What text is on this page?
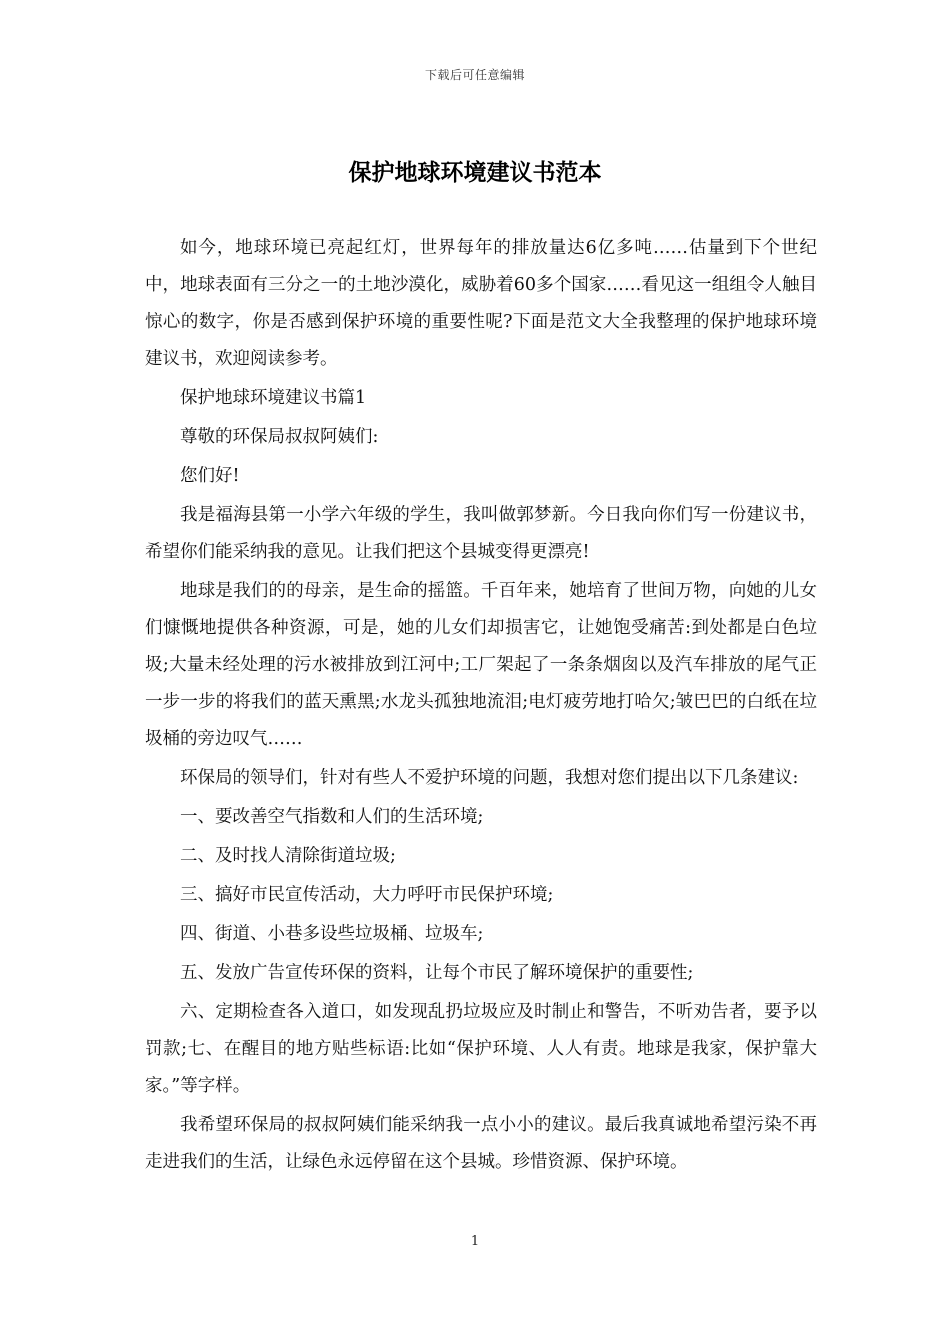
下载后可任意编辑
保护地球环境建议书范本

如今，地球环境已亮起红灯，世界每年的排放量达6亿多吨……估量到下个世纪中，地球表面有三分之一的土地沙漠化，威胁着60多个国家……看见这一组组令人触目惊心的数字，你是否感到保护环境的重要性呢?下面是范文大全我整理的保护地球环境建议书，欢迎阅读参考。

保护地球环境建议书篇1

尊敬的环保局叔叔阿姨们:

您们好!

我是福海县第一小学六年级的学生，我叫做郭梦新。今日我向你们写一份建议书，希望你们能采纳我的意见。让我们把这个县城变得更漂亮!

地球是我们的的母亲，是生命的摇篮。千百年来，她培育了世间万物，向她的儿女们慷慨地提供各种资源，可是，她的儿女们却损害它，让她饱受痛苦:到处都是白色垃圾;大量未经处理的污水被排放到江河中;工厂架起了一条条烟囱以及汽车排放的尾气正一步一步的将我们的蓝天熏黑;水龙头孤独地流泪;电灯疲劳地打哈欠;皱巴巴的白纸在垃圾桶的旁边叹气……

环保局的领导们，针对有些人不爱护环境的问题，我想对您们提出以下几条建议:

一、要改善空气指数和人们的生活环境;

二、及时找人清除街道垃圾;

三、搞好市民宣传活动，大力呼吁市民保护环境;

四、街道、小巷多设些垃圾桶、垃圾车;

五、发放广告宣传环保的资料，让每个市民了解环境保护的重要性;

六、定期检查各入道口，如发现乱扔垃圾应及时制止和警告，不听劝告者，要予以罚款;七、在醒目的地方贴些标语:比如“保护环境、人人有责。地球是我家，保护靠大家。”等字样。

我希望环保局的叔叔阿姨们能采纳我一点小小的建议。最后我真诚地希望污染不再走进我们的生活，让绿色永远停留在这个县城。珍惜资源、保护环境。

1
